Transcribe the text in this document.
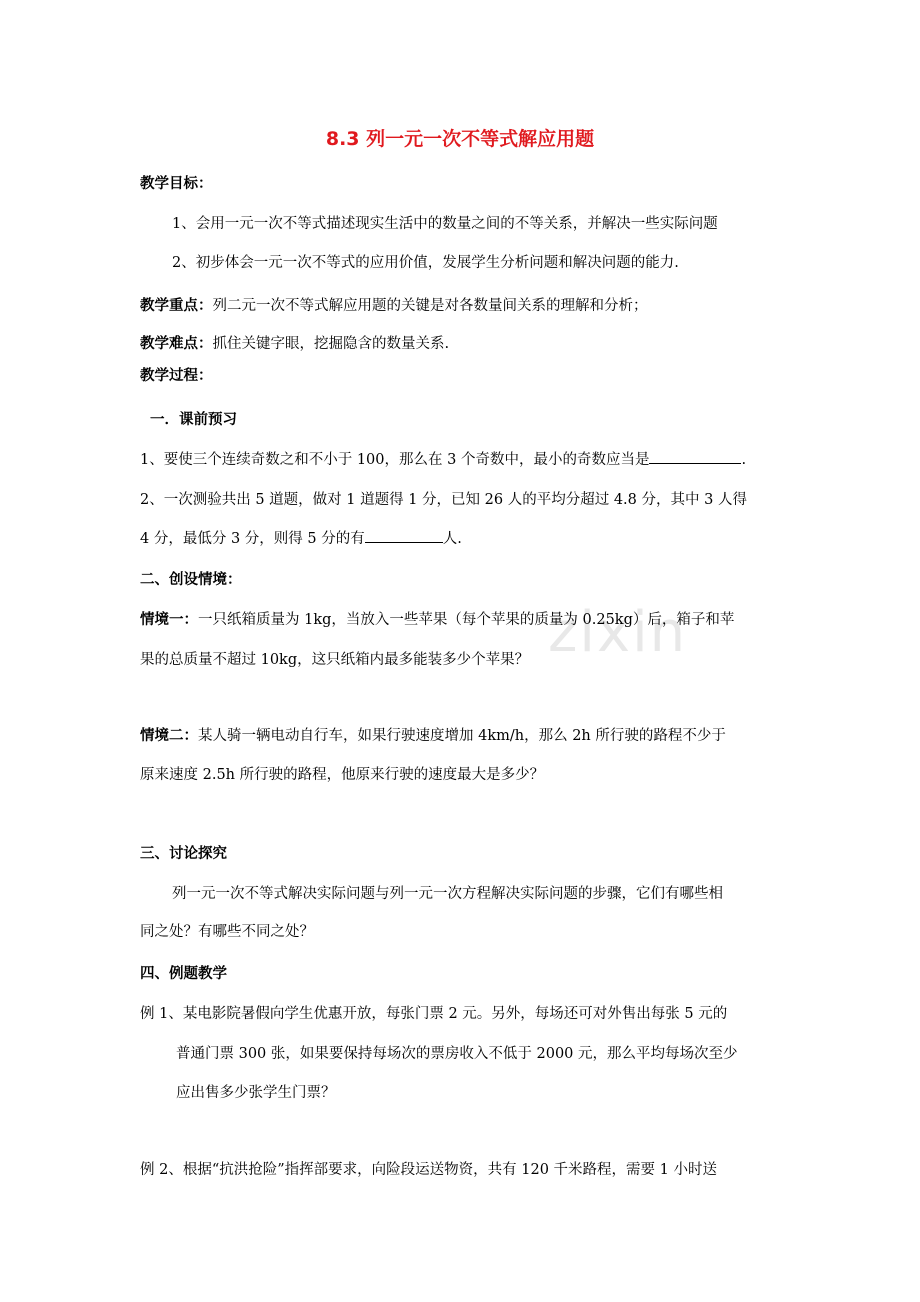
zixin
8.3 列一元一次不等式解应用题
教学目标：
1、会用一元一次不等式描述现实生活中的数量之间的不等关系，并解决一些实际问题
2、初步体会一元一次不等式的应用价值，发展学生分析问题和解决问题的能力.
教学重点：列二元一次不等式解应用题的关键是对各数量间关系的理解和分析；
教学难点：抓住关键字眼，挖掘隐含的数量关系.
教学过程：
一．课前预习
1、要使三个连续奇数之和不小于 100，那么在 3 个奇数中，最小的奇数应当是	.
2、一次测验共出 5 道题，做对 1 道题得 1 分，已知 26 人的平均分超过 4.8 分，其中 3 人得
4 分，最低分 3 分，则得 5 分的有	人.
二、创设情境：
情境一：一只纸箱质量为 1kg，当放入一些苹果（每个苹果的质量为 0.25kg）后，箱子和苹
果的总质量不超过 10kg，这只纸箱内最多能装多少个苹果？
情境二：某人骑一辆电动自行车，如果行驶速度增加 4km/h，那么 2h 所行驶的路程不少于
原来速度 2.5h 所行驶的路程，他原来行驶的速度最大是多少？
三、讨论探究
列一元一次不等式解决实际问题与列一元一次方程解决实际问题的步骤，它们有哪些相
同之处？有哪些不同之处？
四、例题教学
例 1、某电影院暑假向学生优惠开放，每张门票 2 元。另外，每场还可对外售出每张 5 元的
普通门票 300 张，如果要保持每场次的票房收入不低于 2000 元，那么平均每场次至少
应出售多少张学生门票？
例 2、根据“抗洪抢险”指挥部要求，向险段运送物资，共有 120 千米路程，需要 1 小时送
